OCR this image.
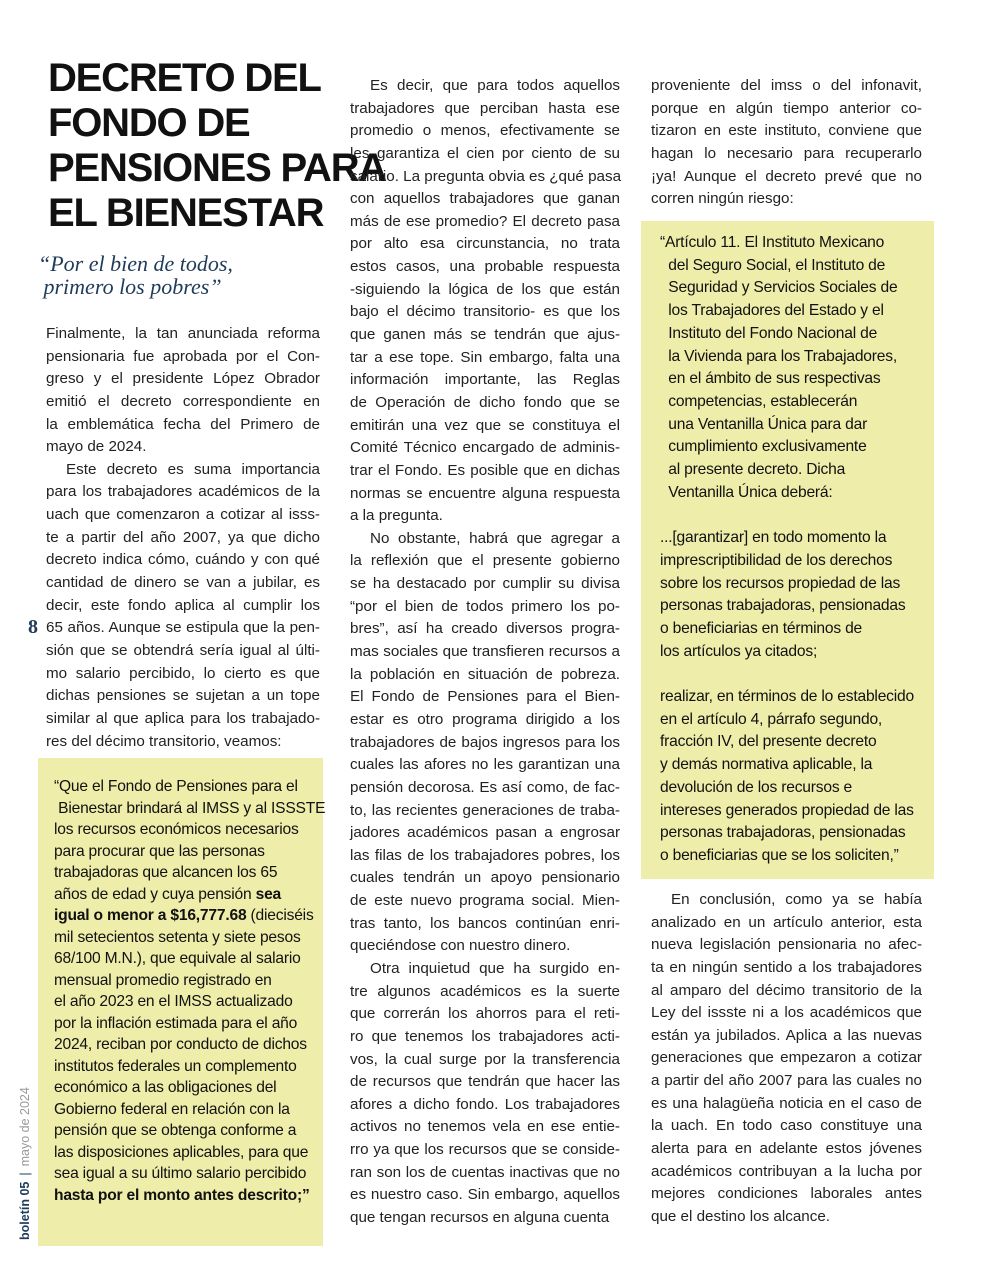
DECRETO DEL
FONDO DE
PENSIONES PARA
EL BIENESTAR
“Por el bien de todos,
primero los pobres”
Finalmente, la tan anunciada reforma
pensionaria fue aprobada por el Con-
greso y el presidente López Obrador
emitió el decreto correspondiente en
la emblemática fecha del Primero de
mayo de 2024.
Este decreto es suma importancia
para los trabajadores académicos de la
uach que comenzaron a cotizar al isss-
te a partir del año 2007, ya que dicho
decreto indica cómo, cuándo y con qué
cantidad de dinero se van a jubilar, es
decir, este fondo aplica al cumplir los
65 años. Aunque se estipula que la pen-
sión que se obtendrá sería igual al últi-
mo salario percibido, lo cierto es que
dichas pensiones se sujetan a un tope
similar al que aplica para los trabajado-
res del décimo transitorio, veamos:
“Que el Fondo de Pensiones para el
Bienestar brindará al IMSS y al ISSSTE
los recursos económicos necesarios
para procurar que las personas
trabajadoras que alcancen los 65
años de edad y cuya pensión sea
igual o menor a $16,777.68 (dieciséis
mil setecientos setenta y siete pesos
68/100 M.N.), que equivale al salario
mensual promedio registrado en
el año 2023 en el IMSS actualizado
por la inflación estimada para el año
2024, reciban por conducto de dichos
institutos federales un complemento
económico a las obligaciones del
Gobierno federal en relación con la
pensión que se obtenga conforme a
las disposiciones aplicables, para que
sea igual a su último salario percibido
hasta por el monto antes descrito;”
Es decir, que para todos aquellos
trabajadores que perciban hasta ese
promedio o menos, efectivamente se
les garantiza el cien por ciento de su
salario. La pregunta obvia es ¿qué pasa
con aquellos trabajadores que ganan
más de ese promedio? El decreto pasa
por alto esa circunstancia, no trata
estos casos, una probable respuesta
-siguiendo la lógica de los que están
bajo el décimo transitorio- es que los
que ganen más se tendrán que ajus-
tar a ese tope. Sin embargo, falta una
información importante, las Reglas
de Operación de dicho fondo que se
emitirán una vez que se constituya el
Comité Técnico encargado de adminis-
trar el Fondo. Es posible que en dichas
normas se encuentre alguna respuesta
a la pregunta.
No obstante, habrá que agregar a
la reflexión que el presente gobierno
se ha destacado por cumplir su divisa
“por el bien de todos primero los po-
bres”, así ha creado diversos progra-
mas sociales que transfieren recursos a
la población en situación de pobreza.
El Fondo de Pensiones para el Bien-
estar es otro programa dirigido a los
trabajadores de bajos ingresos para los
cuales las afores no les garantizan una
pensión decorosa. Es así como, de fac-
to, las recientes generaciones de traba-
jadores académicos pasan a engrosar
las filas de los trabajadores pobres, los
cuales tendrán un apoyo pensionario
de este nuevo programa social. Mien-
tras tanto, los bancos continúan enri-
queciéndose con nuestro dinero.
Otra inquietud que ha surgido en-
tre algunos académicos es la suerte
que correrán los ahorros para el reti-
ro que tenemos los trabajadores acti-
vos, la cual surge por la transferencia
de recursos que tendrán que hacer las
afores a dicho fondo. Los trabajadores
activos no tenemos vela en ese entie-
rro ya que los recursos que se conside-
ran son los de cuentas inactivas que no
es nuestro caso. Sin embargo, aquellos
que tengan recursos en alguna cuenta
proveniente del imss o del infonavit,
porque en algún tiempo anterior co-
tizaron en este instituto, conviene que
hagan lo necesario para recuperarlo
¡ya! Aunque el decreto prevé que no
corren ningún riesgo:
“Artículo 11. El Instituto Mexicano
del Seguro Social, el Instituto de
Seguridad y Servicios Sociales de
los Trabajadores del Estado y el
Instituto del Fondo Nacional de
la Vivienda para los Trabajadores,
en el ámbito de sus respectivas
competencias, establecerán
una Ventanilla Única para dar
cumplimiento exclusivamente
al presente decreto. Dicha
Ventanilla Única deberá:

...[garantizar] en todo momento la
imprescriptibilidad de los derechos
sobre los recursos propiedad de las
personas trabajadoras, pensionadas
o beneficiarias en términos de
los artículos ya citados;

realizar, en términos de lo establecido
en el artículo 4, párrafo segundo,
fracción IV, del presente decreto
y demás normativa aplicable, la
devolución de los recursos e
intereses generados propiedad de las
personas trabajadoras, pensionadas
o beneficiarias que se los soliciten,”
En conclusión, como ya se había
analizado en un artículo anterior, esta
nueva legislación pensionaria no afec-
ta en ningún sentido a los trabajadores
al amparo del décimo transitorio de la
Ley del issste ni a los académicos que
están ya jubilados. Aplica a las nuevas
generaciones que empezaron a cotizar
a partir del año 2007 para las cuales no
es una halagüeña noticia en el caso de
la uach. En todo caso constituye una
alerta para en adelante estos jóvenes
académicos contribuyan a la lucha por
mejores condiciones laborales antes
que el destino los alcance.
8
boletín 05|mayo de 2024
